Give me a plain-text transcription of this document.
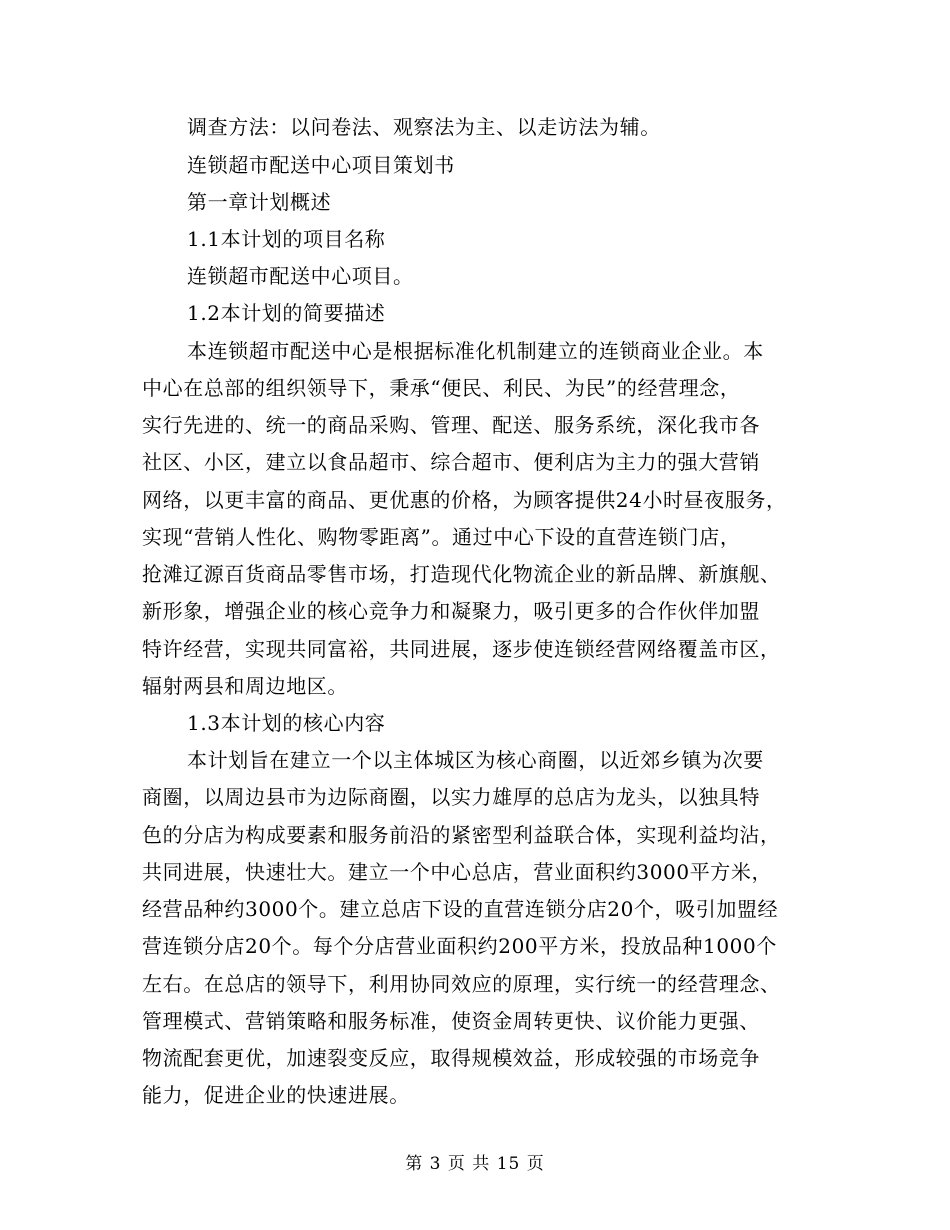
调查方法：以问卷法、观察法为主、以走访法为辅。
连锁超市配送中心项目策划书
第一章计划概述
1.1本计划的项目名称
连锁超市配送中心项目。
1.2本计划的简要描述
本连锁超市配送中心是根据标准化机制建立的连锁商业企业。本
中心在总部的组织领导下，秉承“便民、利民、为民”的经营理念，
实行先进的、统一的商品采购、管理、配送、服务系统，深化我市各
社区、小区，建立以食品超市、综合超市、便利店为主力的强大营销
网络，以更丰富的商品、更优惠的价格，为顾客提供24小时昼夜服务，
实现“营销人性化、购物零距离”。通过中心下设的直营连锁门店，
抢滩辽源百货商品零售市场，打造现代化物流企业的新品牌、新旗舰、
新形象，增强企业的核心竞争力和凝聚力，吸引更多的合作伙伴加盟
特许经营，实现共同富裕，共同进展，逐步使连锁经营网络覆盖市区，
辐射两县和周边地区。
1.3本计划的核心内容
本计划旨在建立一个以主体城区为核心商圈，以近郊乡镇为次要
商圈，以周边县市为边际商圈，以实力雄厚的总店为龙头，以独具特
色的分店为构成要素和服务前沿的紧密型利益联合体，实现利益均沾，
共同进展，快速壮大。建立一个中心总店，营业面积约3000平方米，
经营品种约3000个。建立总店下设的直营连锁分店20个，吸引加盟经
营连锁分店20个。每个分店营业面积约200平方米，投放品种1000个
左右。在总店的领导下，利用协同效应的原理，实行统一的经营理念、
管理模式、营销策略和服务标准，使资金周转更快、议价能力更强、
物流配套更优，加速裂变反应，取得规模效益，形成较强的市场竞争
能力，促进企业的快速进展。
第 3 页 共 15 页
